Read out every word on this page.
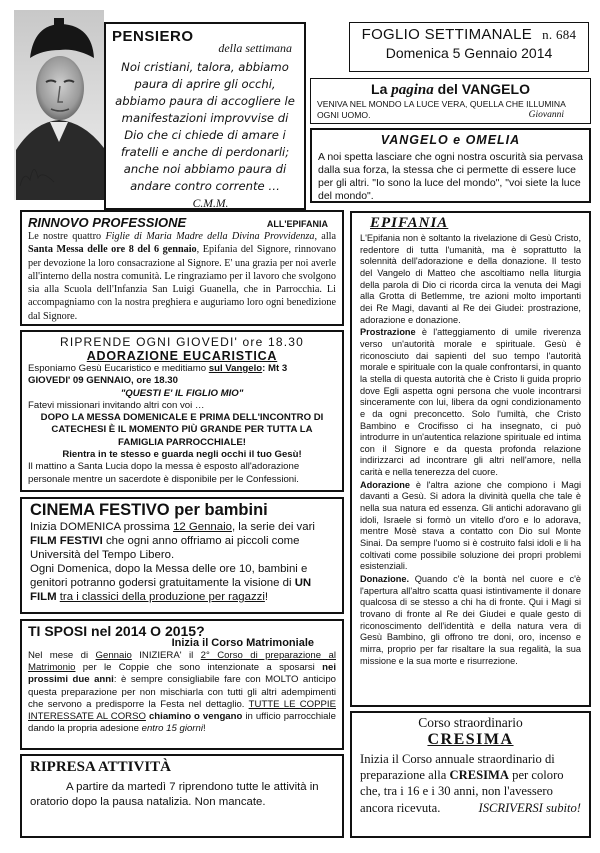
PENSIERO
della settimana
Noi cristiani, talora, abbiamo paura di aprire gli occhi, abbiamo paura di accogliere le manifestazioni improvvise di Dio che ci chiede di amare i fratelli e anche di perdonarli; anche noi abbiamo paura di andare contro corrente …    C.M.M.
FOGLIO SETTIMANALE n. 684
Domenica 5 Gennaio 2014
La pagina del VANGELO
VENIVA NEL MONDO LA LUCE VERA, QUELLA CHE ILLUMINA OGNI UOMO.	Giovanni
VANGELO e OMELIA
A noi spetta lasciare che ogni nostra oscurità sia pervasa dalla sua forza, la stessa che ci permette di essere luce per gli altri. "Io sono la luce del mondo", "voi siete la luce del mondo".
RINNOVO PROFESSIONE	ALL'EPIFANIA
Le nostre quattro Figlie di Maria Madre della Divina Provvidenza, alla Santa Messa delle ore 8 del 6 gennaio, Epifania del Signore, rinnovano per devozione la loro consacrazione al Signore. E' una grazia per noi averle all'interno della nostra comunità. Le ringraziamo per il lavoro che svolgono sia alla Scuola dell'Infanzia San Luigi Guanella, che in Parrocchia. Li accompagniamo con la nostra preghiera e auguriamo loro ogni benedizione dal Signore.
RIPRENDE OGNI GIOVEDI' ore 18.30
ADORAZIONE EUCARISTICA
Esponiamo Gesù Eucaristico e meditiamo sul Vangelo: Mt 3
GIOVEDI' 09 GENNAIO, ore 18.30
"QUESTI E' IL FIGLIO MIO"
Fatevi missionari invitando altri con voi …
DOPO LA MESSA DOMENICALE E PRIMA DELL'INCONTRO DI CATECHESI È IL MOMENTO PIÙ GRANDE PER TUTTA LA FAMIGLIA PARROCCHIALE!
Rientra in te stesso e guarda negli occhi il tuo Gesù!
Il mattino a Santa Lucia dopo la messa è esposto all'adorazione personale mentre un sacerdote è disponibile per le Confessioni.
CINEMA FESTIVO per bambini
Inizia DOMENICA prossima 12 Gennaio, la serie dei vari FILM FESTIVI che ogni anno offriamo ai piccoli come Università del Tempo Libero.
Ogni Domenica, dopo la Messa delle ore 10, bambini e genitori potranno godersi gratuitamente la visione di UN FILM tra i classici della produzione per ragazzi!
TI SPOSI nel 2014 O 2015?
Inizia il Corso Matrimoniale
Nel mese di Gennaio INIZIERA' il 2° Corso di preparazione al Matrimonio per le Coppie che sono intenzionate a sposarsi nei prossimi due anni: è sempre consigliabile fare con MOLTO anticipo questa preparazione per non mischiarla con tutti gli altri adempimenti che servono a predisporre la Festa nel dettaglio. TUTTE LE COPPIE INTERESSATE AL CORSO chiamino o vengano in ufficio parrocchiale dando la propria adesione entro 15 giorni!
RIPRESA ATTIVITÀ
A partire da martedì 7 riprendono tutte le attività in oratorio dopo la pausa natalizia. Non mancate.
EPIFANIA
L'Epifania non è soltanto la rivelazione di Gesù Cristo, redentore di tutta l'umanità, ma è soprattutto la solennità dell'adorazione e della donazione. Il testo del Vangelo di Matteo che ascoltiamo nella liturgia della parola di Dio ci ricorda circa la venuta dei Magi alla Grotta di Betlemme, tre azioni molto importanti dei Re Magi, davanti al Re dei Giudei: prostrazione, adorazione e donazione.
Prostrazione è l'atteggiamento di umile riverenza verso un'autorità morale e spirituale. Gesù è riconosciuto dai sapienti del suo tempo l'autorità morale e spirituale con la quale confrontarsi, in quanto la stella di questa autorità che è Cristo li guida proprio dove Egli aspetta ogni persona che vuole incontrarsi sinceramente con lui, libera da ogni condizionamento e da ogni preconcetto. Solo l'umiltà, che Cristo Bambino e Crocifisso ci ha insegnato, ci può introdurre in un'autentica relazione spirituale ed intima con il Signore e da questa profonda relazione indirizzarci ad incontrare gli altri nell'amore, nella carità e nella tenerezza del cuore.
Adorazione è l'altra azione che compiono i Magi davanti a Gesù. Si adora la divinità quella che tale è nella sua natura ed essenza. Gli antichi adoravano gli idoli, Israele si formò un vitello d'oro e lo adorava, mentre Mosè stava a contatto con Dio sul Monte Sinai. Da sempre l'uomo si è costruito falsi idoli e li ha coltivati come possibile soluzione dei propri problemi esistenziali.
Donazione. Quando c'è la bontà nel cuore e c'è l'apertura all'altro scatta quasi istintivamente il donare qualcosa di se stesso a chi ha di fronte. Qui i Magi si trovano di fronte al Re dei Giudei e quale gesto di riconoscimento dell'identità e della natura vera di Gesù Bambino, gli offrono tre doni, oro, incenso e mirra, proprio per far risaltare la sua regalità, la sua missione e la sua morte e risurrezione.
Corso straordinario
CRESIMA
Inizia il Corso annuale straordinario di preparazione alla CRESIMA per coloro che, tra i 16 e i 30 anni, non l'avessero ancora ricevuta.	ISCRIVERSI subito!
